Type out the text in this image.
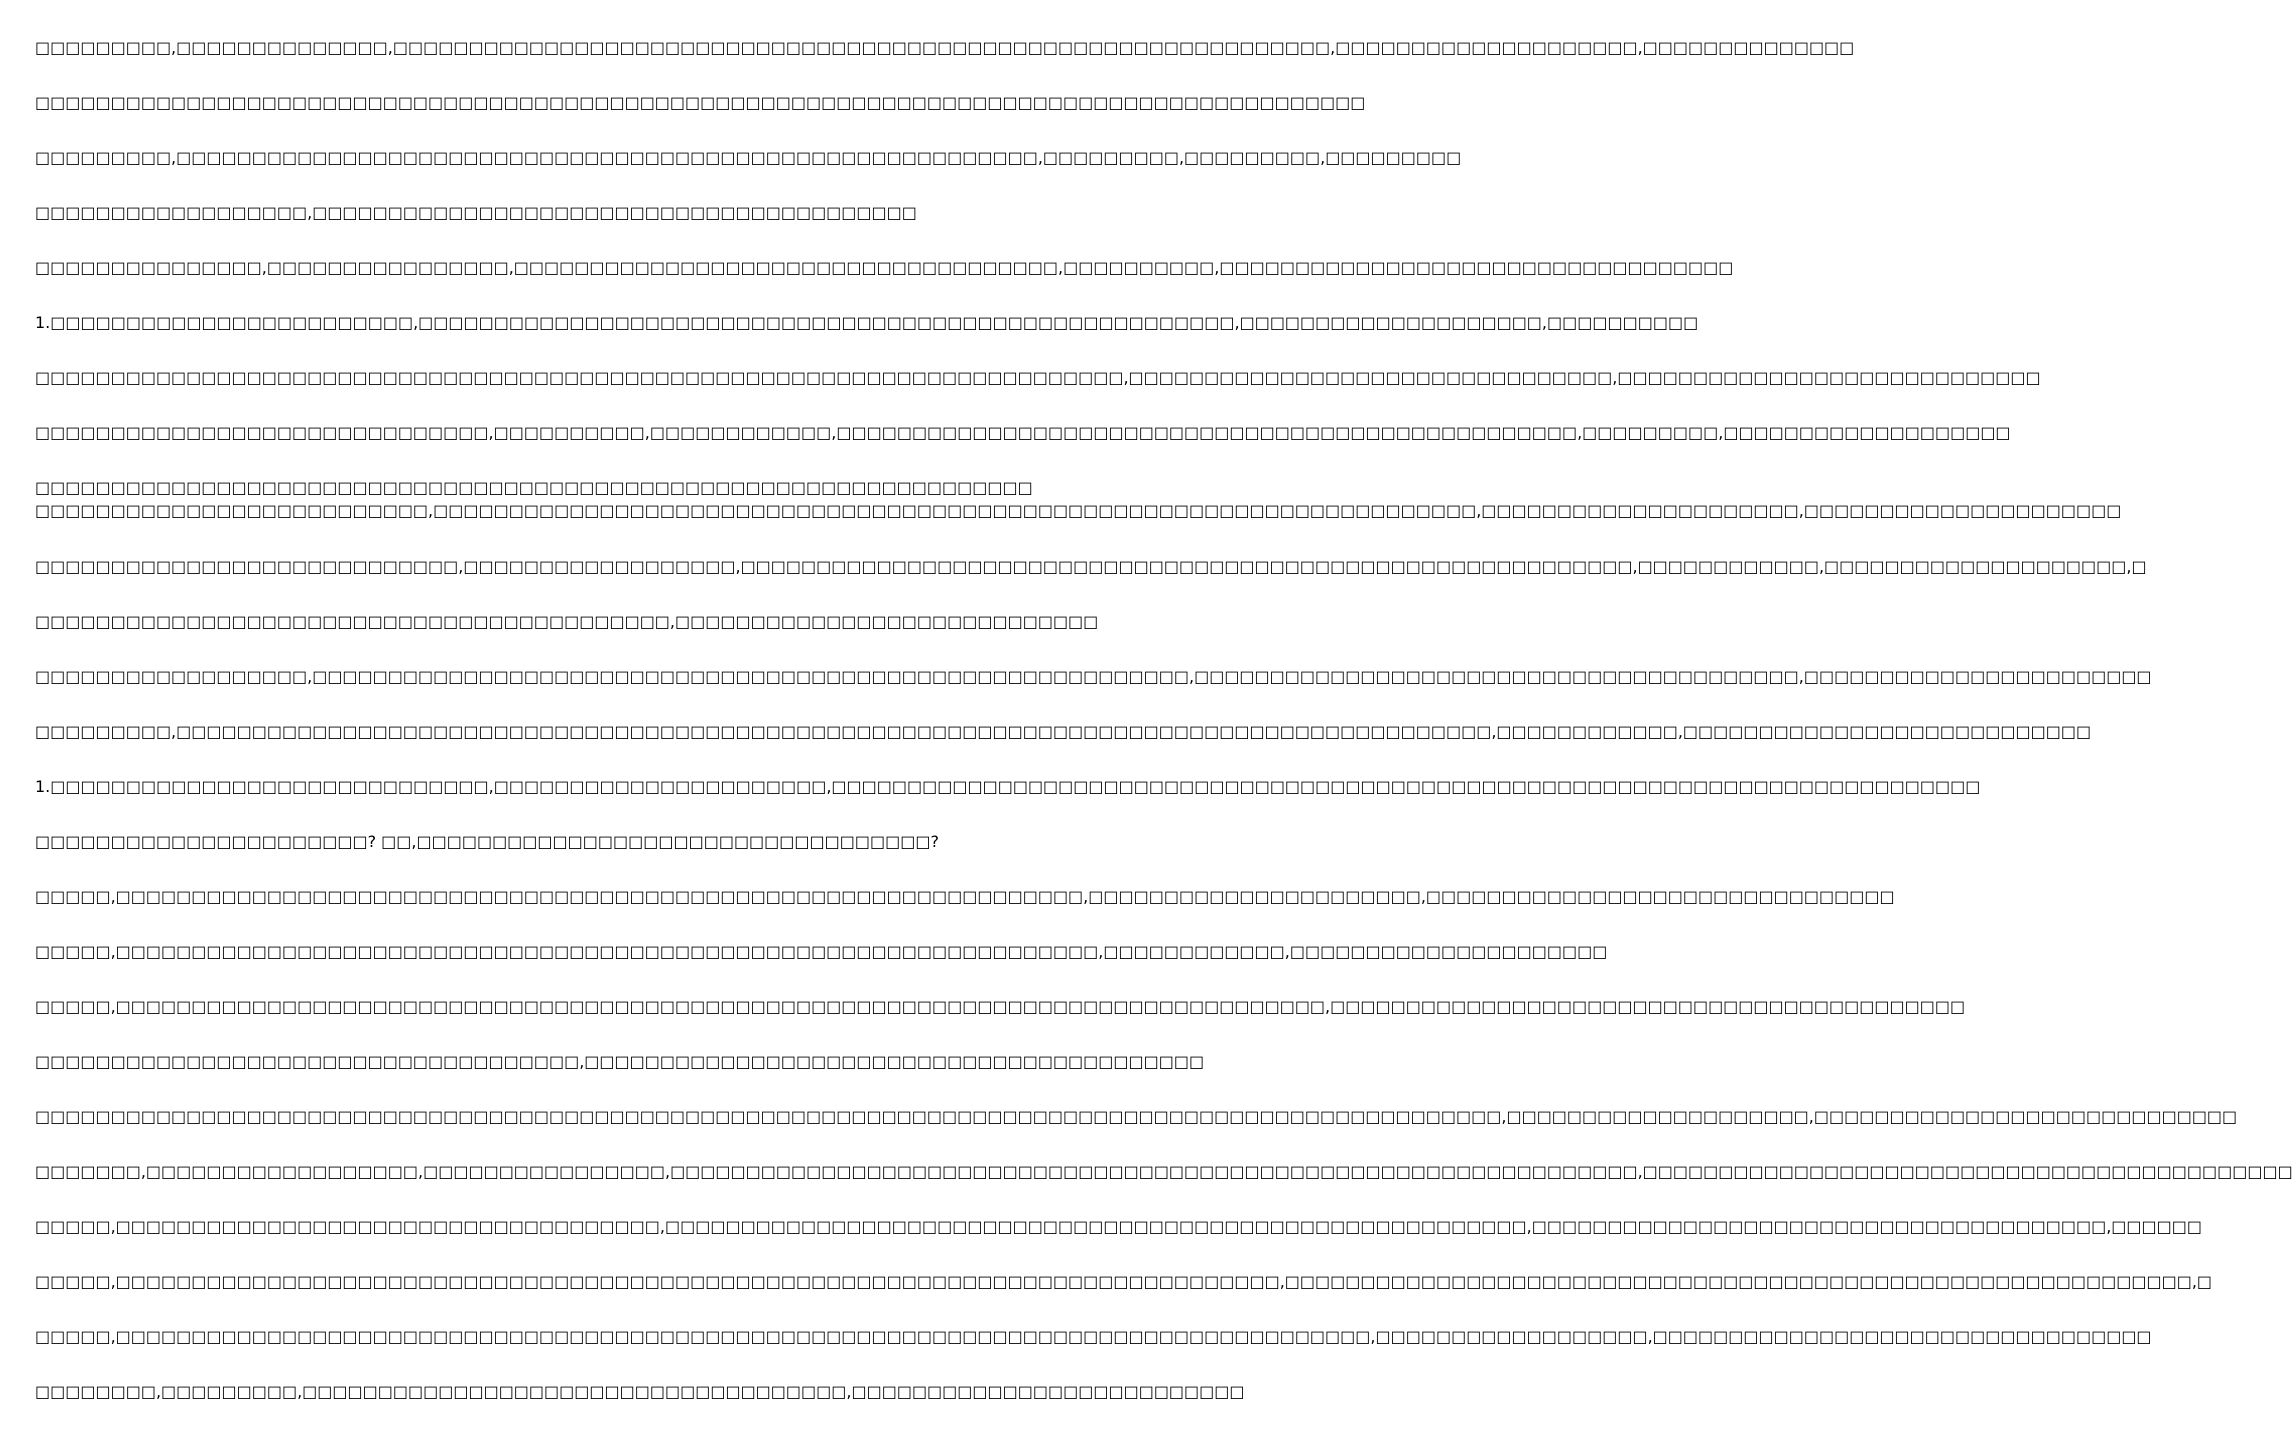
□□□□□□□□□,□□□□□□□□□□□□□□,□□□□□□□□□□□□□□□□□□□□□□□□□□□□□□□□□□□□□□□□□□□□□□□□□□□□□□□□□□□□□□,□□□□□□□□□□□□□□□□□□□□,□□□□□□□□□□□□□□
□□□□□□□□□□□□□□□□□□□□□□□□□□□□□□□□□□□□□□□□□□□□□□□□□□□□□□□□□□□□□□□□□□□□□□□□□□□□□□□□□□□□□□□□
□□□□□□□□□,□□□□□□□□□□□□□□□□□□□□□□□□□□□□□□□□□□□□□□□□□□□□□□□□□□□□□□□□□,□□□□□□□□□,□□□□□□□□□,□□□□□□□□□
□□□□□□□□□□□□□□□□□□,□□□□□□□□□□□□□□□□□□□□□□□□□□□□□□□□□□□□□□□□
□□□□□□□□□□□□□□□,□□□□□□□□□□□□□□□□,□□□□□□□□□□□□□□□□□□□□□□□□□□□□□□□□□□□□,□□□□□□□□□□,□□□□□□□□□□□□□□□□□□□□□□□□□□□□□□□□□□
1.□□□□□□□□□□□□□□□□□□□□□□□□,□□□□□□□□□□□□□□□□□□□□□□□□□□□□□□□□□□□□□□□□□□□□□□□□□□□□□□,□□□□□□□□□□□□□□□□□□□□,□□□□□□□□□□
□□□□□□□□□□□□□□□□□□□□□□□□□□□□□□□□□□□□□□□□□□□□□□□□□□□□□□□□□□□□□□□□□□□□□□□□,□□□□□□□□□□□□□□□□□□□□□□□□□□□□□□□□,□□□□□□□□□□□□□□□□□□□□□□□□□□□□
□□□□□□□□□□□□□□□□□□□□□□□□□□□□□□,□□□□□□□□□□,□□□□□□□□□□□□,□□□□□□□□□□□□□□□□□□□□□□□□□□□□□□□□□□□□□□□□□□□□□□□□□,□□□□□□□□□,□□□□□□□□□□□□□□□□□□□
□□□□□□□□□□□□□□□□□□□□□□□□□□□□□□□□□□□□□□□□□□□□□□□□□□□□□□□□□□□□□□□□□□
□□□□□□□□□□□□□□□□□□□□□□□□□□,□□□□□□□□□□□□□□□□□□□□□□□□□□□□□□□□□□□□□□□□□□□□□□□□□□□□□□□□□□□□□□□□□□□□□,□□□□□□□□□□□□□□□□□□□□□,□□□□□□□□□□□□□□□□□□□□□
□□□□□□□□□□□□□□□□□□□□□□□□□□□□,□□□□□□□□□□□□□□□□□□,□□□□□□□□□□□□□□□□□□□□□□□□□□□□□□□□□□□□□□□□□□□□□□□□□□□□□□□□□□□,□□□□□□□□□□□□,□□□□□□□□□□□□□□□□□□□□,□
□□□□□□□□□□□□□□□□□□□□□□□□□□□□□□□□□□□□□□□□□□,□□□□□□□□□□□□□□□□□□□□□□□□□□□□
□□□□□□□□□□□□□□□□□□,□□□□□□□□□□□□□□□□□□□□□□□□□□□□□□□□□□□□□□□□□□□□□□□□□□□□□□□□□□,□□□□□□□□□□□□□□□□□□□□□□□□□□□□□□□□□□□□□□□□,□□□□□□□□□□□□□□□□□□□□□□□
□□□□□□□□□,□□□□□□□□□□□□□□□□□□□□□□□□□□□□□□□□□□□□□□□□□□□□□□□□□□□□□□□□□□□□□□□□□□□□□□□□□□□□□□□□□□□□□□□,□□□□□□□□□□□□,□□□□□□□□□□□□□□□□□□□□□□□□□□□
1.□□□□□□□□□□□□□□□□□□□□□□□□□□□□□,□□□□□□□□□□□□□□□□□□□□□□,□□□□□□□□□□□□□□□□□□□□□□□□□□□□□□□□□□□□□□□□□□□□□□□□□□□□□□□□□□□□□□□□□□□□□□□□□□□□
□□□□□□□□□□□□□□□□□□□□□□? □□,□□□□□□□□□□□□□□□□□□□□□□□□□□□□□□□□□□?
□□□□□,□□□□□□□□□□□□□□□□□□□□□□□□□□□□□□□□□□□□□□□□□□□□□□□□□□□□□□□□□□□□□□□□,□□□□□□□□□□□□□□□□□□□□□□,□□□□□□□□□□□□□□□□□□□□□□□□□□□□□□□
□□□□□,□□□□□□□□□□□□□□□□□□□□□□□□□□□□□□□□□□□□□□□□□□□□□□□□□□□□□□□□□□□□□□□□□,□□□□□□□□□□□□,□□□□□□□□□□□□□□□□□□□□□
□□□□□,□□□□□□□□□□□□□□□□□□□□□□□□□□□□□□□□□□□□□□□□□□□□□□□□□□□□□□□□□□□□□□□□□□□□□□□□□□□□□□□□,□□□□□□□□□□□□□□□□□□□□□□□□□□□□□□□□□□□□□□□□□□
□□□□□□□□□□□□□□□□□□□□□□□□□□□□□□□□□□□□,□□□□□□□□□□□□□□□□□□□□□□□□□□□□□□□□□□□□□□□□□
□□□□□□□□□□□□□□□□□□□□□□□□□□□□□□□□□□□□□□□□□□□□□□□□□□□□□□□□□□□□□□□□□□□□□□□□□□□□□□□□□□□□□□□□□□□□□□□□□,□□□□□□□□□□□□□□□□□□□□,□□□□□□□□□□□□□□□□□□□□□□□□□□□□
□□□□□□□,□□□□□□□□□□□□□□□□□□,□□□□□□□□□□□□□□□□,□□□□□□□□□□□□□□□□□□□□□□□□□□□□□□□□□□□□□□□□□□□□□□□□□□□□□□□□□□□□□□□□,□□□□□□□□□□□□□□□□□□□□□□□□□□□□□□□□□□□□□□□□□□□
□□□□□,□□□□□□□□□□□□□□□□□□□□□□□□□□□□□□□□□□□□,□□□□□□□□□□□□□□□□□□□□□□□□□□□□□□□□□□□□□□□□□□□□□□□□□□□□□□□□□,□□□□□□□□□□□□□□□□□□□□□□□□□□□□□□□□□□□□□□,□□□□□□
□□□□□,□□□□□□□□□□□□□□□□□□□□□□□□□□□□□□□□□□□□□□□□□□□□□□□□□□□□□□□□□□□□□□□□□□□□□□□□□□□□□,□□□□□□□□□□□□□□□□□□□□□□□□□□□□□□□□□□□□□□□□□□□□□□□□□□□□□□□□□□□□,□
□□□□□,□□□□□□□□□□□□□□□□□□□□□□□□□□□□□□□□□□□□□□□□□□□□□□□□□□□□□□□□□□□□□□□□□□□□□□□□□□□□□□□□□□□,□□□□□□□□□□□□□□□□□□,□□□□□□□□□□□□□□□□□□□□□□□□□□□□□□□□□
□□□□□□□□,□□□□□□□□□,□□□□□□□□□□□□□□□□□□□□□□□□□□□□□□□□□□□□,□□□□□□□□□□□□□□□□□□□□□□□□□□
